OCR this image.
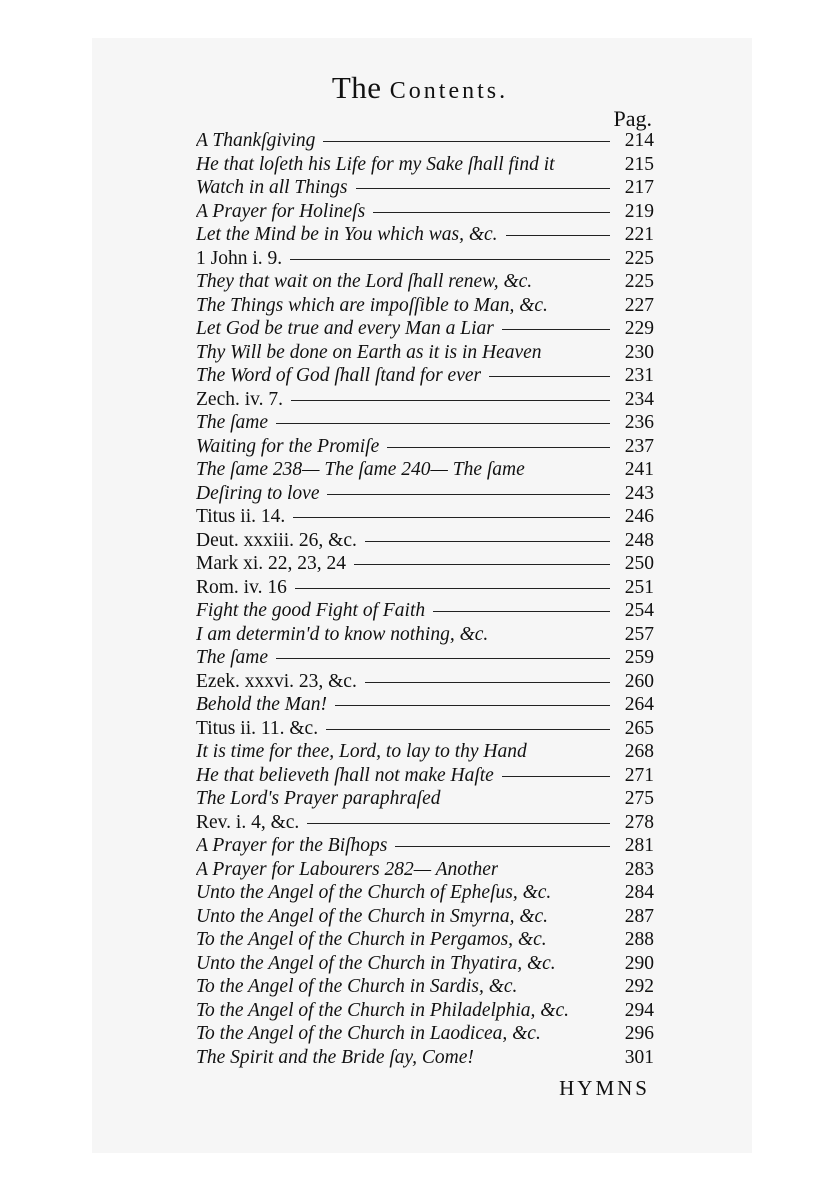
The Contents.
Pag.
A Thankſgiving	214
He that loſeth his Life for my Sake ſhall find it	215
Watch in all Things	217
A Prayer for Holineſs	219
Let the Mind be in You which was, &c.	221
1 John i. 9.	225
They that wait on the Lord ſhall renew, &c.	225
The Things which are impoſſible to Man, &c.	227
Let God be true and every Man a Liar	229
Thy Will be done on Earth as it is in Heaven	230
The Word of God ſhall ſtand for ever	231
Zech. iv. 7.	234
The ſame	236
Waiting for the Promiſe	237
The ſame 238— The ſame 240— The ſame	241
Deſiring to love	243
Titus ii. 14.	246
Deut. xxxiii. 26, &c.	248
Mark xi. 22, 23, 24	250
Rom. iv. 16	251
Fight the good Fight of Faith	254
I am determin'd to know nothing, &c.	257
The ſame	259
Ezek. xxxvi. 23, &c.	260
Behold the Man!	264
Titus ii. 11. &c.	265
It is time for thee, Lord, to lay to thy Hand	268
He that believeth ſhall not make Haſte	271
The Lord's Prayer paraphraſed	275
Rev. i. 4, &c.	278
A Prayer for the Biſhops	281
A Prayer for Labourers 282— Another	283
Unto the Angel of the Church of Epheſus, &c.	284
Unto the Angel of the Church in Smyrna, &c.	287
To the Angel of the Church in Pergamos, &c.	288
Unto the Angel of the Church in Thyatira, &c.	290
To the Angel of the Church in Sardis, &c.	292
To the Angel of the Church in Philadelphia, &c.	294
To the Angel of the Church in Laodicea, &c.	296
The Spirit and the Bride ſay, Come!	301
HYMNS
